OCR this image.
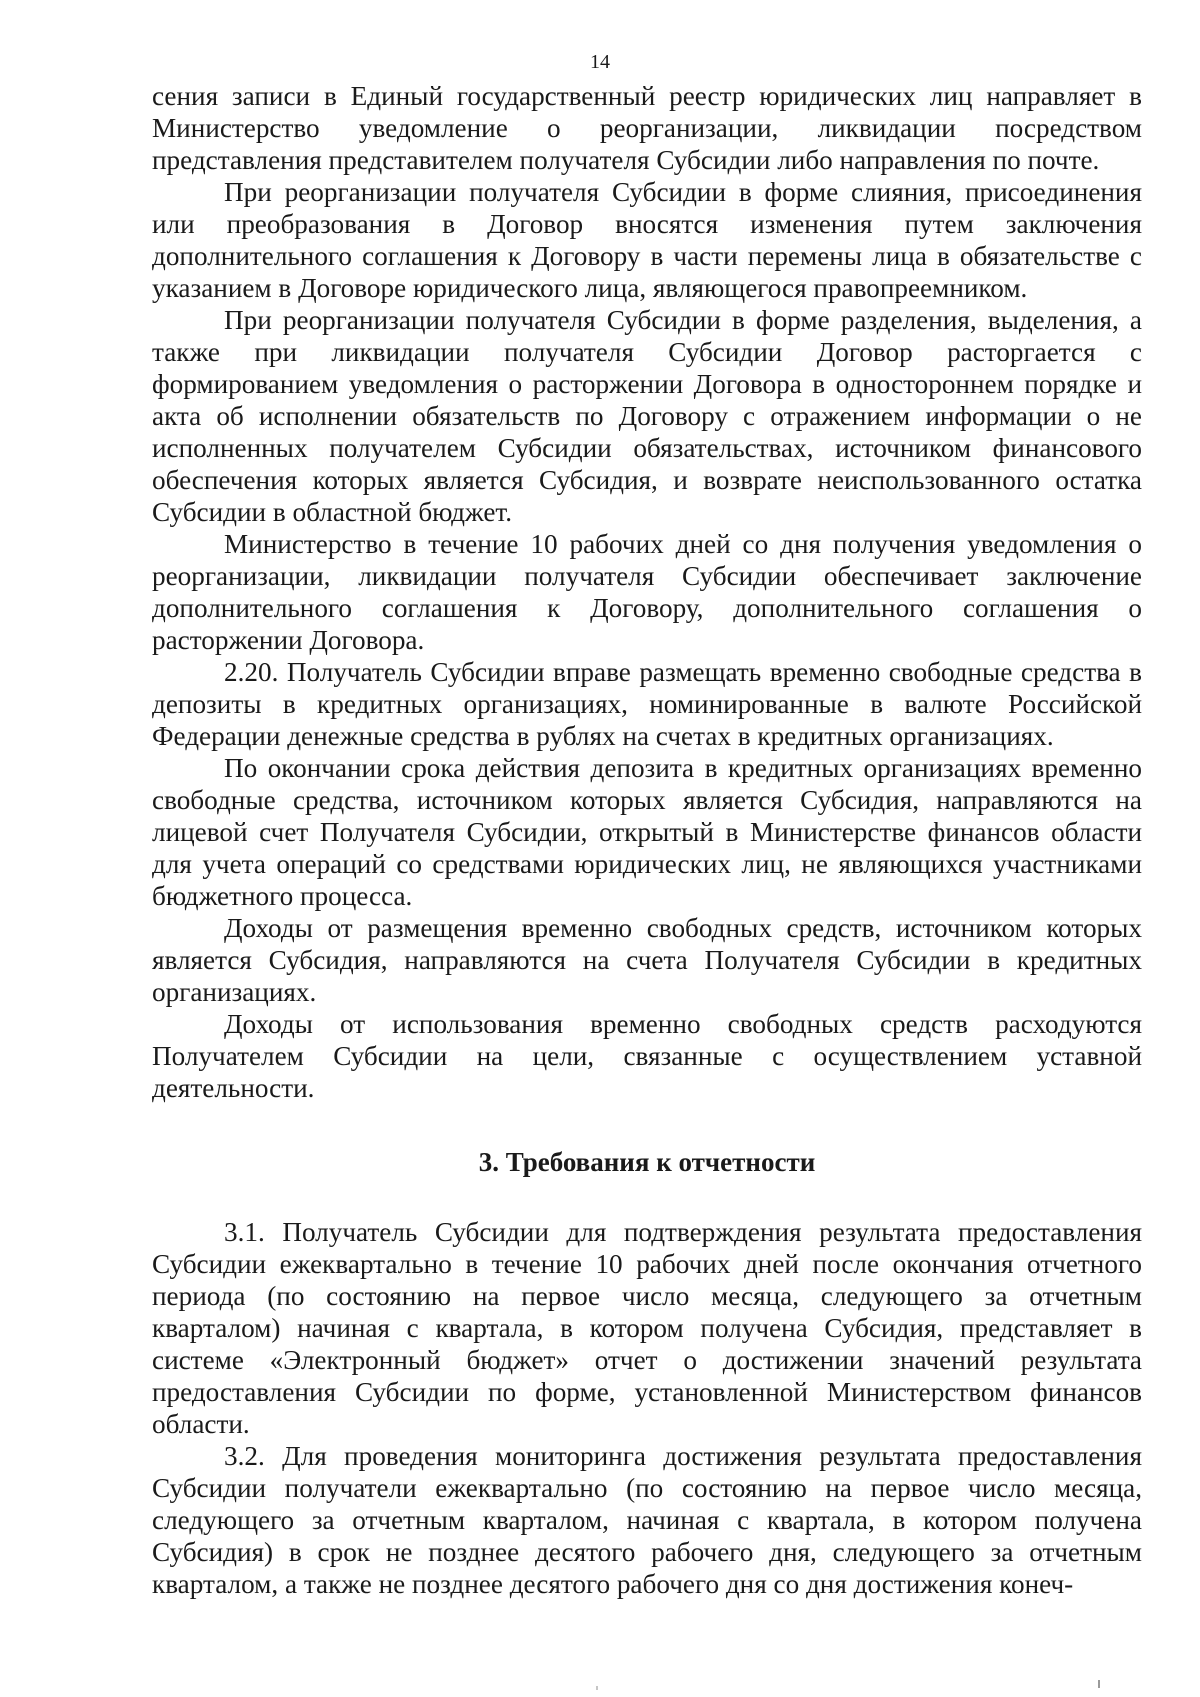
14

сения записи в Единый государственный реестр юридических лиц направляет в Министерство уведомление о реорганизации, ликвидации посредством представления представителем получателя Субсидии либо направления по почте.

При реорганизации получателя Субсидии в форме слияния, присоединения или преобразования в Договор вносятся изменения путем заключения дополнительного соглашения к Договору в части перемены лица в обязательстве с указанием в Договоре юридического лица, являющегося правопреемником.

При реорганизации получателя Субсидии в форме разделения, выделения, а также при ликвидации получателя Субсидии Договор расторгается с формированием уведомления о расторжении Договора в одностороннем порядке и акта об исполнении обязательств по Договору с отражением информации о не исполненных получателем Субсидии обязательствах, источником финансового обеспечения которых является Субсидия, и возврате неиспользованного остатка Субсидии в областной бюджет.

Министерство в течение 10 рабочих дней со дня получения уведомления о реорганизации, ликвидации получателя Субсидии обеспечивает заключение дополнительного соглашения к Договору, дополнительного соглашения о расторжении Договора.

2.20. Получатель Субсидии вправе размещать временно свободные средства в депозиты в кредитных организациях, номинированные в валюте Российской Федерации денежные средства в рублях на счетах в кредитных организациях.

По окончании срока действия депозита в кредитных организациях временно свободные средства, источником которых является Субсидия, направляются на лицевой счет Получателя Субсидии, открытый в Министерстве финансов области для учета операций со средствами юридических лиц, не являющихся участниками бюджетного процесса.

Доходы от размещения временно свободных средств, источником которых является Субсидия, направляются на счета Получателя Субсидии в кредитных организациях.

Доходы от использования временно свободных средств расходуются Получателем Субсидии на цели, связанные с осуществлением уставной деятельности.

3. Требования к отчетности

3.1. Получатель Субсидии для подтверждения результата предоставления Субсидии ежеквартально в течение 10 рабочих дней после окончания отчетного периода (по состоянию на первое число месяца, следующего за отчетным кварталом) начиная с квартала, в котором получена Субсидия, представляет в системе «Электронный бюджет» отчет о достижении значений результата предоставления Субсидии по форме, установленной Министерством финансов области.

3.2. Для проведения мониторинга достижения результата предоставления Субсидии получатели ежеквартально (по состоянию на первое число месяца, следующего за отчетным кварталом, начиная с квартала, в котором получена Субсидия) в срок не позднее десятого рабочего дня, следующего за отчетным кварталом, а также не позднее десятого рабочего дня со дня достижения конеч-
